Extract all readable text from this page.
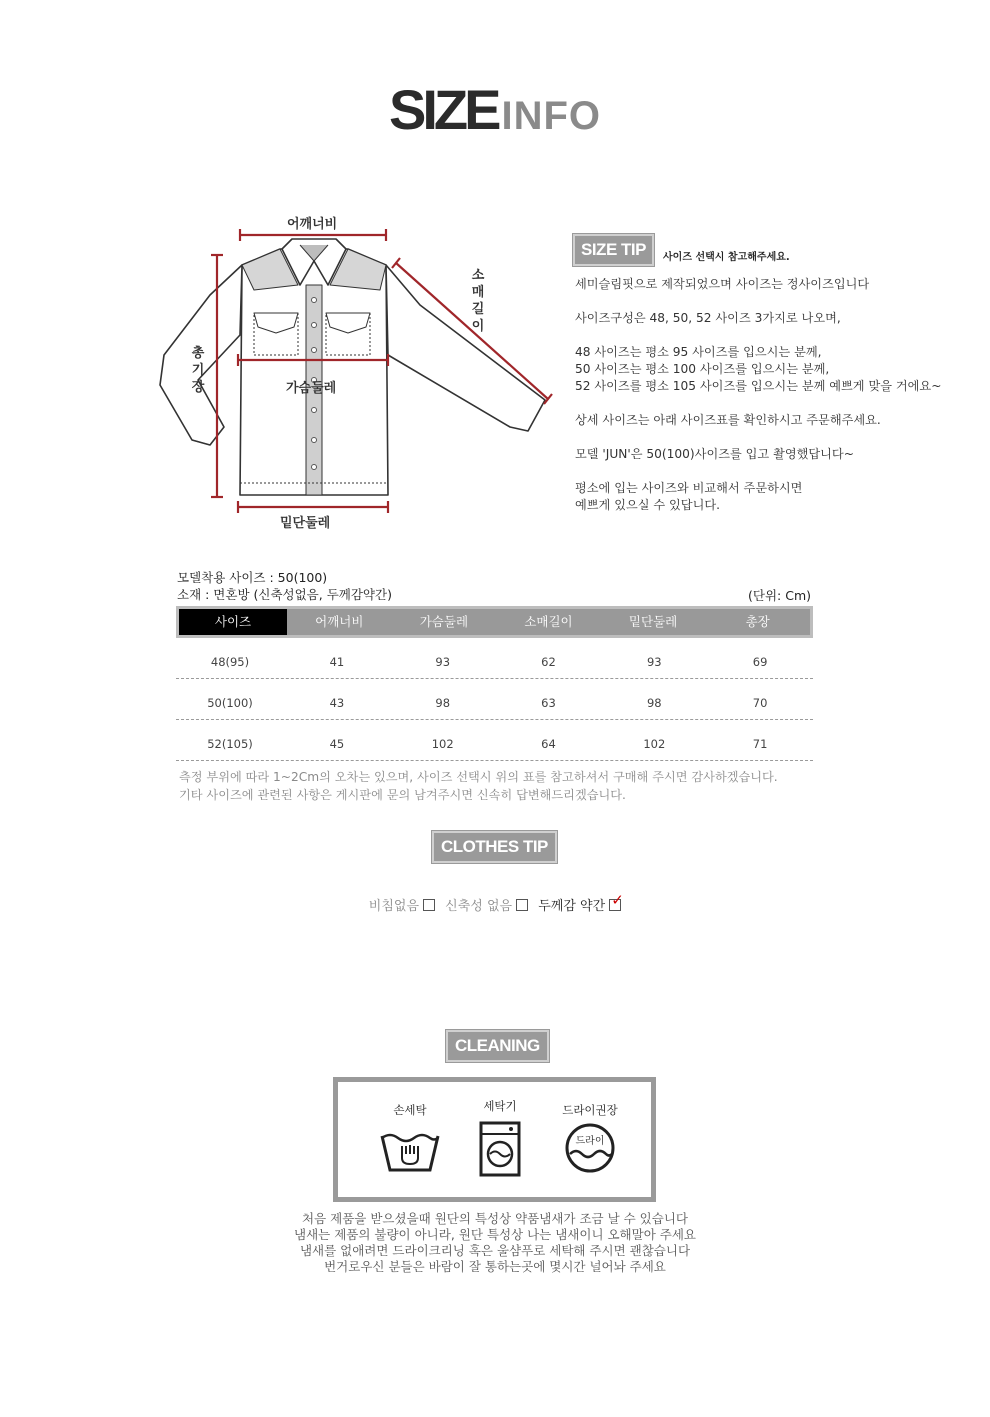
SIZE INFO
어깨너비
소매길이
총기장	가슴둘레
밑단둘레
SIZE TIP 사이즈 선택시 참고해주세요.

세미슬림핏으로 제작되었으며 사이즈는 정사이즈입니다

사이즈구성은 48, 50, 52 사이즈 3가지로 나오며,

48 사이즈는 평소 95 사이즈를 입으시는 분께,

50 사이즈는 평소 100 사이즈를 입으시는 분께,

52 사이즈를 평소 105 사이즈를 입으시는 분께 예쁘게 맞을 거에요~

상세 사이즈는 아래 사이즈표를 확인하시고 주문해주세요.

모델 'JUN'은 50(100)사이즈를 입고 촬영했답니다~

평소에 입는 사이즈와 비교해서 주문하시면

예쁘게 있으실 수 있답니다.

모델착용 사이즈 : 50(100)
소재 : 면혼방 (신축성없음, 두께감약간)	(단위: Cm)
사이즈	어깨너비	가슴둘레	소매길이	밑단둘레	총장
48(95)	41	93	62	93	69
50(100)	43	98	63	98	70
52(105)	45	102	64	102	71
측정 부위에 따라 1~2Cm의 오차는 있으며, 사이즈 선택시 위의 표를 참고하셔서 구매해 주시면 감사하겠습니다.
기타 사이즈에 관련된 사항은 게시판에 문의 남겨주시면 신속히 답변해드리겠습니다.
CLOTHES TIP
비침없음 신축성 없음 두께감 약간 ✓
CLEANING
손세탁	세탁기	드라이권장
드라이
처음 제품을 받으셨을때 원단의 특성상 약품냄새가 조금 날 수 있습니다
냄새는 제품의 불량이 아니라, 원단 특성상 나는 냄새이니 오해말아 주세요
냄새를 없애려면 드라이크리닝 혹은 울샴푸로 세탁해 주시면 괜찮습니다
번거로우신 분들은 바람이 잘 통하는곳에 몇시간 널어놔 주세요
